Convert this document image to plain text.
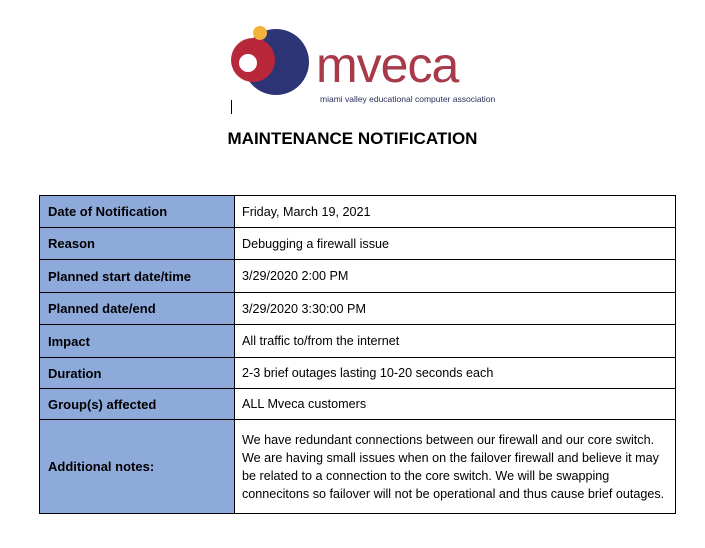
mveca
miami valley educational computer association
MAINTENANCE NOTIFICATION
Date of Notification	Friday, March 19, 2021
Reason	Debugging a firewall issue
Planned start date/time	3/29/2020 2:00 PM
Planned date/end	3/29/2020 3:30:00 PM
Impact	All traffic to/from the internet
Duration	2-3 brief outages lasting 10-20 seconds each
Group(s) affected	ALL Mveca customers
Additional notes:	We have redundant connections between our firewall and our core switch. We are having small issues when on the failover firewall and believe it may be related to a connection to the core switch. We will be swapping connecitons so failover will not be operational and thus cause brief outages.
